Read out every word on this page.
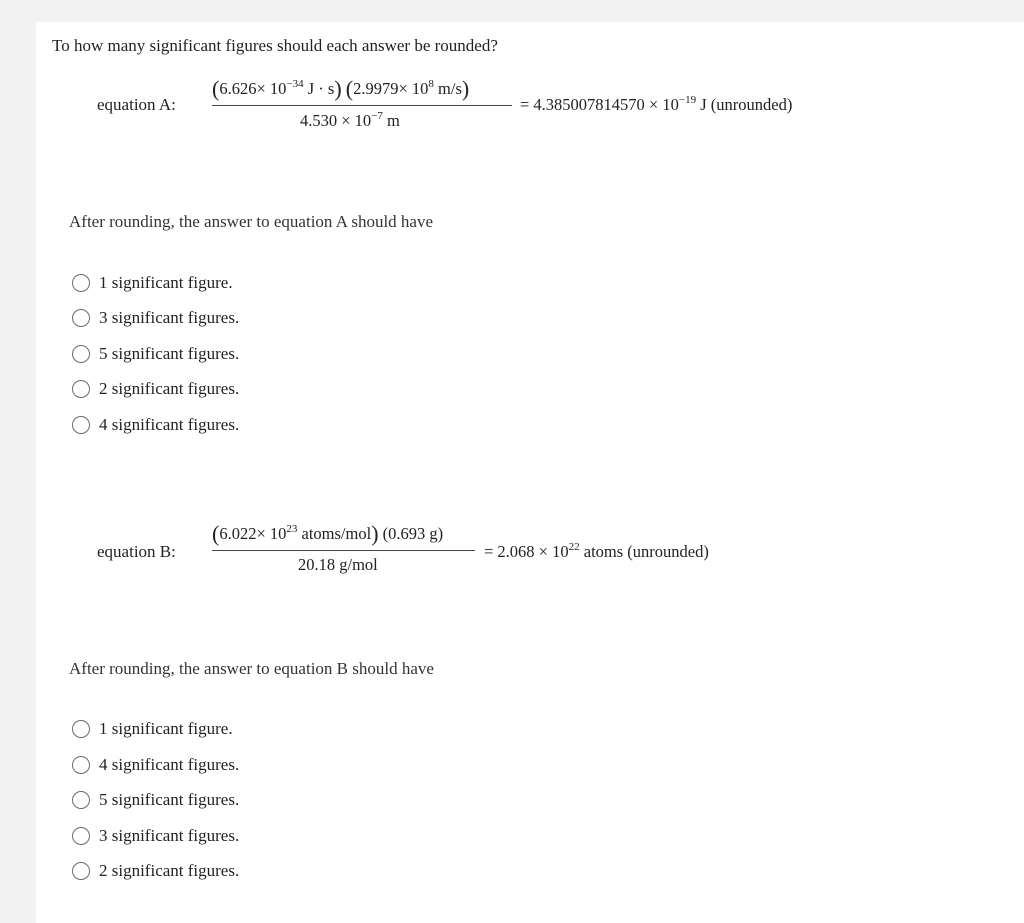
To how many significant figures should each answer be rounded?
equation A:
($6.626\times 10^{-34}$ J · s) ($2.9979\times 10^8$ m/s)
$4.530 \times 10^{-7}$ m
= $4.385007814570 \times 10^{-19}$ J (unrounded)
After rounding, the answer to equation A should have
1 significant figure.
3 significant figures.
5 significant figures.
2 significant figures.
4 significant figures.
equation B:
($6.022\times 10^{23}$ atoms/mol) (0.693 g)
20.18 g/mol
= $2.068 \times 10^{22}$ atoms (unrounded)
After rounding, the answer to equation B should have
1 significant figure.
4 significant figures.
5 significant figures.
3 significant figures.
2 significant figures.
